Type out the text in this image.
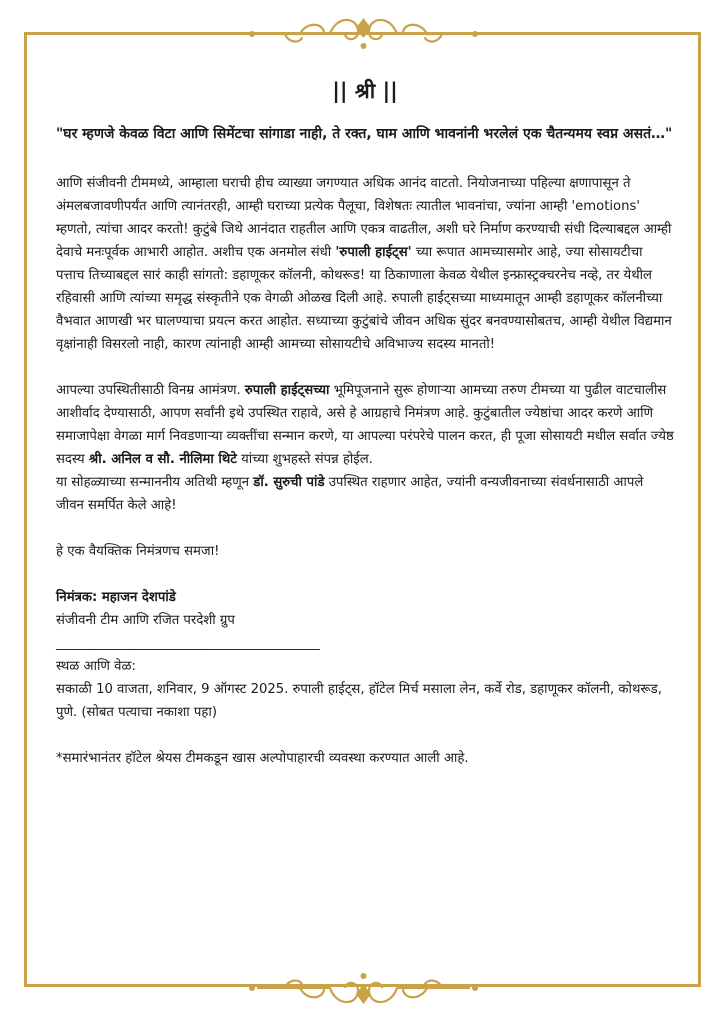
|| श्री ||

"घर म्हणजे केवळ विटा आणि सिमेंटचा सांगाडा नाही, ते रक्त, घाम आणि भावनांनी भरलेलं एक चैतन्यमय स्वप्न असतं…"

आणि संजीवनी टीममध्ये, आम्हाला घराची हीच व्याख्या जगण्यात अधिक आनंद वाटतो. नियोजनाच्या पहिल्या क्षणापासून ते अंमलबजावणीपर्यंत आणि त्यानंतरही, आम्ही घराच्या प्रत्येक पैलूचा, विशेषतः त्यातील भावनांचा, ज्यांना आम्ही 'emotions' म्हणतो, त्यांचा आदर करतो! कुटुंबे जिथे आनंदात राहतील आणि एकत्र वाढतील, अशी घरे निर्माण करण्याची संधी दिल्याबद्दल आम्ही देवाचे मनःपूर्वक आभारी आहोत. अशीच एक अनमोल संधी 'रुपाली हाईट्स' च्या रूपात आमच्यासमोर आहे, ज्या सोसायटीचा पत्ताच तिच्याबद्दल सारं काही सांगतो: डहाणूकर कॉलनी, कोथरूड! या ठिकाणाला केवळ येथील इन्फ्रास्ट्रक्चरनेच नव्हे, तर येथील रहिवासी आणि त्यांच्या समृद्ध संस्कृतीने एक वेगळी ओळख दिली आहे. रुपाली हाईट्सच्या माध्यमातून आम्ही डहाणूकर कॉलनीच्या वैभवात आणखी भर घालण्याचा प्रयत्न करत आहोत. सध्याच्या कुटुंबांचे जीवन अधिक सुंदर बनवण्यासोबतच, आम्ही येथील विद्यमान वृक्षांनाही विसरलो नाही, कारण त्यांनाही आम्ही आमच्या सोसायटीचे अविभाज्य सदस्य मानतो!

आपल्या उपस्थितीसाठी विनम्र आमंत्रण. रुपाली हाईट्सच्या भूमिपूजनाने सुरू होणाऱ्या आमच्या तरुण टीमच्या या पुढील वाटचालीस आशीर्वाद देण्यासाठी, आपण सर्वांनी इथे उपस्थित राहावे, असे हे आग्रहाचे निमंत्रण आहे. कुटुंबातील ज्येष्ठांचा आदर करणे आणि समाजापेक्षा वेगळा मार्ग निवडणाऱ्या व्यक्तींचा सन्मान करणे, या आपल्या परंपरेचे पालन करत, ही पूजा सोसायटी मधील सर्वात ज्येष्ठ सदस्य श्री. अनिल व सौ. नीलिमा थिटे यांच्या शुभहस्ते संपन्न होईल.

या सोहळ्याच्या सन्माननीय अतिथी म्हणून डॉ. सुरुची पांडे उपस्थित राहणार आहेत, ज्यांनी वन्यजीवनाच्या संवर्धनासाठी आपले जीवन समर्पित केले आहे!

हे एक वैयक्तिक निमंत्रणच समजा!

निमंत्रक: महाजन देशपांडे

संजीवनी टीम आणि रजित परदेशी ग्रुप

________________________________________

स्थळ आणि वेळ:

सकाळी 10 वाजता, शनिवार, 9 ऑगस्ट 2025. रुपाली हाईट्स, हॉटेल मिर्च मसाला लेन, कर्वे रोड, डहाणूकर कॉलनी, कोथरूड, पुणे. (सोबत पत्याचा नकाशा पहा)

*समारंभानंतर हॉटेल श्रेयस टीमकडून खास अल्पोपाहारची व्यवस्था करण्यात आली आहे.
